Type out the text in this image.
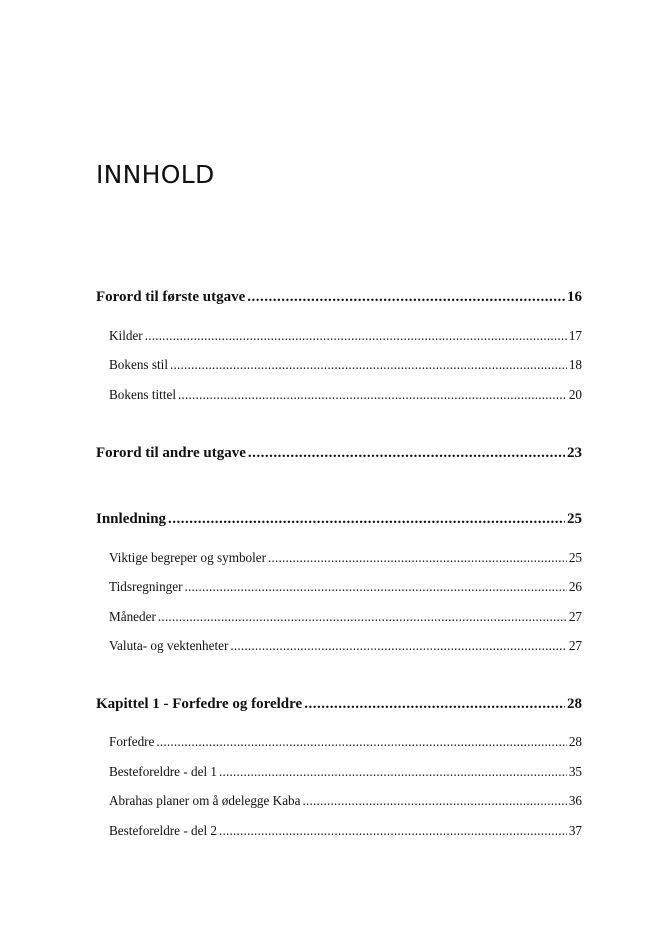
INNHOLD
Forord til første utgave .....	16
Kilder .....	17
Bokens stil .....	18
Bokens tittel .....	20
Forord til andre utgave .....	23
Innledning .....	25
Viktige begreper og symboler .....	25
Tidsregninger .....	26
Måneder .....	27
Valuta- og vektenheter .....	27
Kapittel 1 - Forfedre og foreldre .....	28
Forfedre .....	28
Besteforeldre - del 1 .....	35
Abrahas planer om å ødelegge Kaba .....	36
Besteforeldre - del 2 .....	37
